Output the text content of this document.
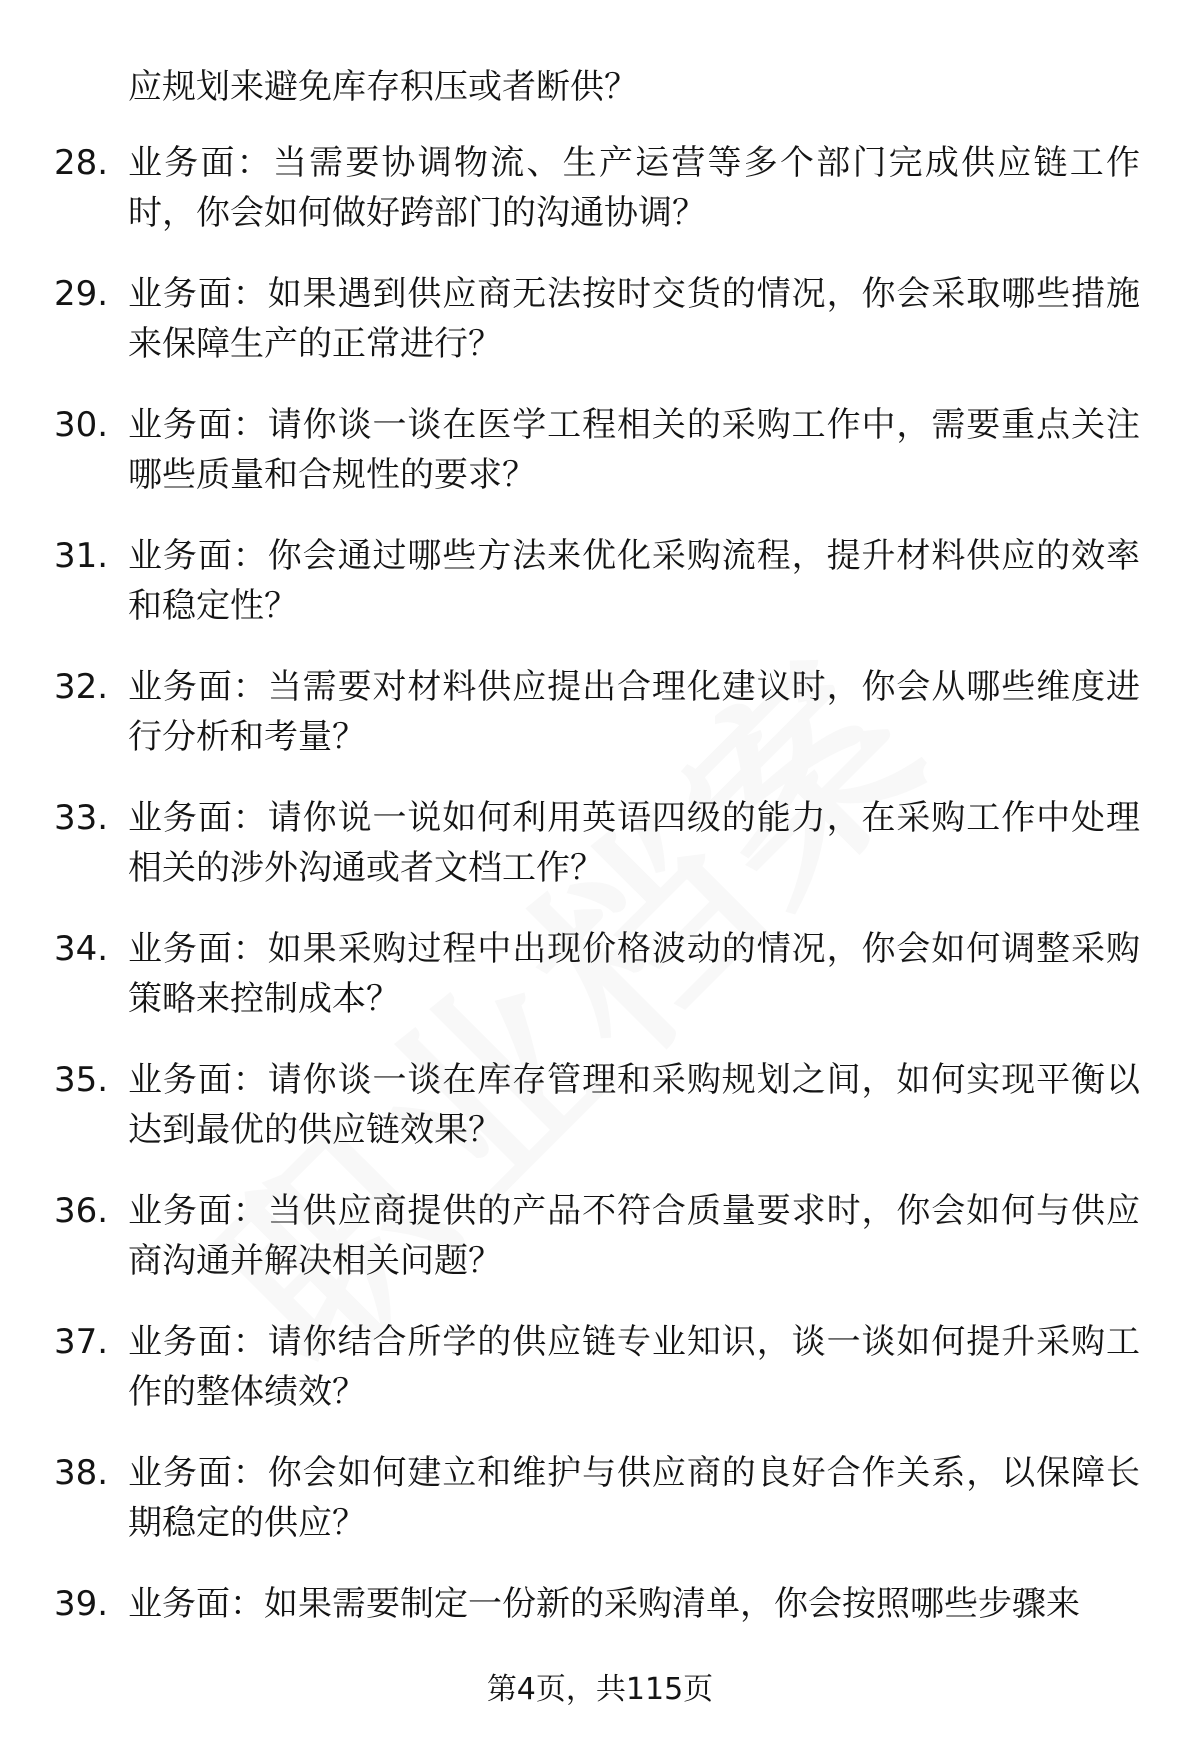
应规划来避免库存积压或者断供？
28. 业务面：当需要协调物流、生产运营等多个部门完成供应链工作时，你会如何做好跨部门的沟通协调？
29. 业务面：如果遇到供应商无法按时交货的情况，你会采取哪些措施来保障生产的正常进行？
30. 业务面：请你谈一谈在医学工程相关的采购工作中，需要重点关注哪些质量和合规性的要求？
31. 业务面：你会通过哪些方法来优化采购流程，提升材料供应的效率和稳定性？
32. 业务面：当需要对材料供应提出合理化建议时，你会从哪些维度进行分析和考量？
33. 业务面：请你说一说如何利用英语四级的能力，在采购工作中处理相关的涉外沟通或者文档工作？
34. 业务面：如果采购过程中出现价格波动的情况，你会如何调整采购策略来控制成本？
35. 业务面：请你谈一谈在库存管理和采购规划之间，如何实现平衡以达到最优的供应链效果？
36. 业务面：当供应商提供的产品不符合质量要求时，你会如何与供应商沟通并解决相关问题？
37. 业务面：请你结合所学的供应链专业知识，谈一谈如何提升采购工作的整体绩效？
38. 业务面：你会如何建立和维护与供应商的良好合作关系，以保障长期稳定的供应？
39. 业务面：如果需要制定一份新的采购清单，你会按照哪些步骤来
第4页，共115页
